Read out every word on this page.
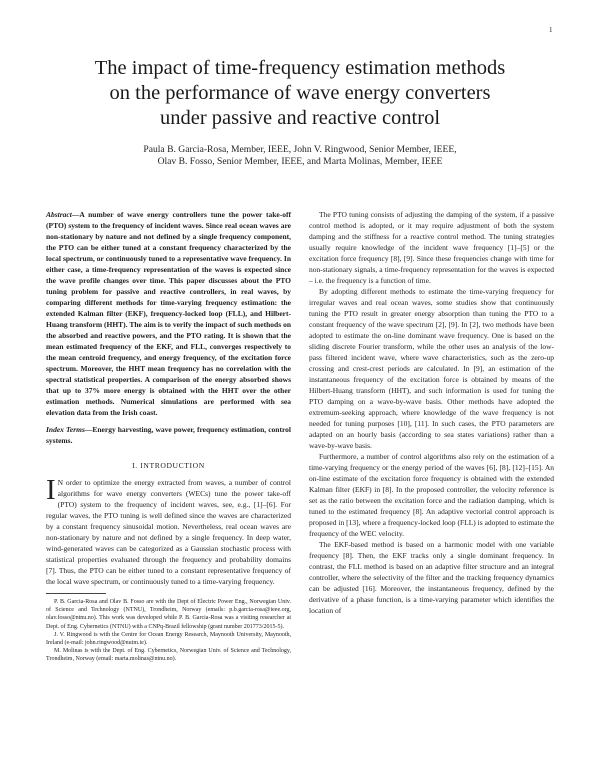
1
The impact of time-frequency estimation methods
on the performance of wave energy converters
under passive and reactive control
Paula B. Garcia-Rosa, Member, IEEE, John V. Ringwood, Senior Member, IEEE,
Olav B. Fosso, Senior Member, IEEE, and Marta Molinas, Member, IEEE

Abstract—A number of wave energy controllers tune the power take-off (PTO) system to the frequency of incident waves. Since real ocean waves are non-stationary by nature and not defined by a single frequency component, the PTO can be either tuned at a constant frequency characterized by the local spectrum, or continuously tuned to a representative wave frequency. In either case, a time-frequency representation of the waves is expected since the wave profile changes over time. This paper discusses about the PTO tuning problem for passive and reactive controllers, in real waves, by comparing different methods for time-varying frequency estimation: the extended Kalman filter (EKF), frequency-locked loop (FLL), and Hilbert-Huang transform (HHT). The aim is to verify the impact of such methods on the absorbed and reactive powers, and the PTO rating. It is shown that the mean estimated frequency of the EKF, and FLL, converges respectively to the mean centroid frequency, and energy frequency, of the excitation force spectrum. Moreover, the HHT mean frequency has no correlation with the spectral statistical properties. A comparison of the energy absorbed shows that up to 37% more energy is obtained with the HHT over the other estimation methods. Numerical simulations are performed with sea elevation data from the Irish coast.

Index Terms—Energy harvesting, wave power, frequency estimation, control systems.

I. INTRODUCTION

I N order to optimize the energy extracted from waves, a number of control algorithms for wave energy converters (WECs) tune the power take-off (PTO) system to the frequency of incident waves, see, e.g., [1]–[6]. For regular waves, the PTO tuning is well defined since the waves are characterized by a constant frequency sinusoidal motion. Nevertheless, real ocean waves are non-stationary by nature and not defined by a single frequency. In deep water, wind-generated waves can be categorized as a Gaussian stochastic process with statistical properties evaluated through the frequency and probability domains [7]. Thus, the PTO can be either tuned to a constant representative frequency of the local wave spectrum, or continuously tuned to a time-varying frequency.

P. B. Garcia-Rosa and Olav B. Fosso are with the Dept of Electric Power Eng., Norwegian Univ. of Science and Technology (NTNU), Trondheim, Norway (emails: p.b.garcia-rosa@ieee.org, olav.fosso@ntnu.no). This work was developed while P. B. Garcia-Rosa was a visiting researcher at Dept. of Eng. Cybernetics (NTNU) with a CNPq-Brazil fellowship (grant number 201773/2015-5).

J. V. Ringwood is with the Centre for Ocean Energy Research, Maynooth University, Maynooth, Ireland (e-mail: john.ringwood@nuim.ie).

M. Molinas is with the Dept. of Eng. Cybernetics, Norwegian Univ. of Science and Technology, Trondheim, Norway (email: marta.molinas@ntnu.no).

The PTO tuning consists of adjusting the damping of the system, if a passive control method is adopted, or it may require adjustment of both the system damping and the stiffness for a reactive control method. The tuning strategies usually require knowledge of the incident wave frequency [1]–[5] or the excitation force frequency [8], [9]. Since these frequencies change with time for non-stationary signals, a time-frequency representation for the waves is expected – i.e. the frequency is a function of time.

By adopting different methods to estimate the time-varying frequency for irregular waves and real ocean waves, some studies show that continuously tuning the PTO result in greater energy absorption than tuning the PTO to a constant frequency of the wave spectrum [2], [9]. In [2], two methods have been adopted to estimate the on-line dominant wave frequency. One is based on the sliding discrete Fourier transform, while the other uses an analysis of the low-pass filtered incident wave, where wave characteristics, such as the zero-up crossing and crest-crest periods are calculated. In [9], an estimation of the instantaneous frequency of the excitation force is obtained by means of the Hilbert-Huang transform (HHT), and such information is used for tuning the PTO damping on a wave-by-wave basis. Other methods have adopted the extremum-seeking approach, where knowledge of the wave frequency is not needed for tuning purposes [10], [11]. In such cases, the PTO parameters are adapted on an hourly basis (according to sea states variations) rather than a wave-by-wave basis.

Furthermore, a number of control algorithms also rely on the estimation of a time-varying frequency or the energy period of the waves [6], [8], [12]–[15]. An on-line estimate of the excitation force frequency is obtained with the extended Kalman filter (EKF) in [8]. In the proposed controller, the velocity reference is set as the ratio between the excitation force and the radiation damping, which is tuned to the estimated frequency [8]. An adaptive vectorial control approach is proposed in [13], where a frequency-locked loop (FLL) is adopted to estimate the frequency of the WEC velocity.

The EKF-based method is based on a harmonic model with one variable frequency [8]. Then, the EKF tracks only a single dominant frequency. In contrast, the FLL method is based on an adaptive filter structure and an integral controller, where the selectivity of the filter and the tracking frequency dynamics can be adjusted [16]. Moreover, the instantaneous frequency, defined by the derivative of a phase function, is a time-varying parameter which identifies the location of
